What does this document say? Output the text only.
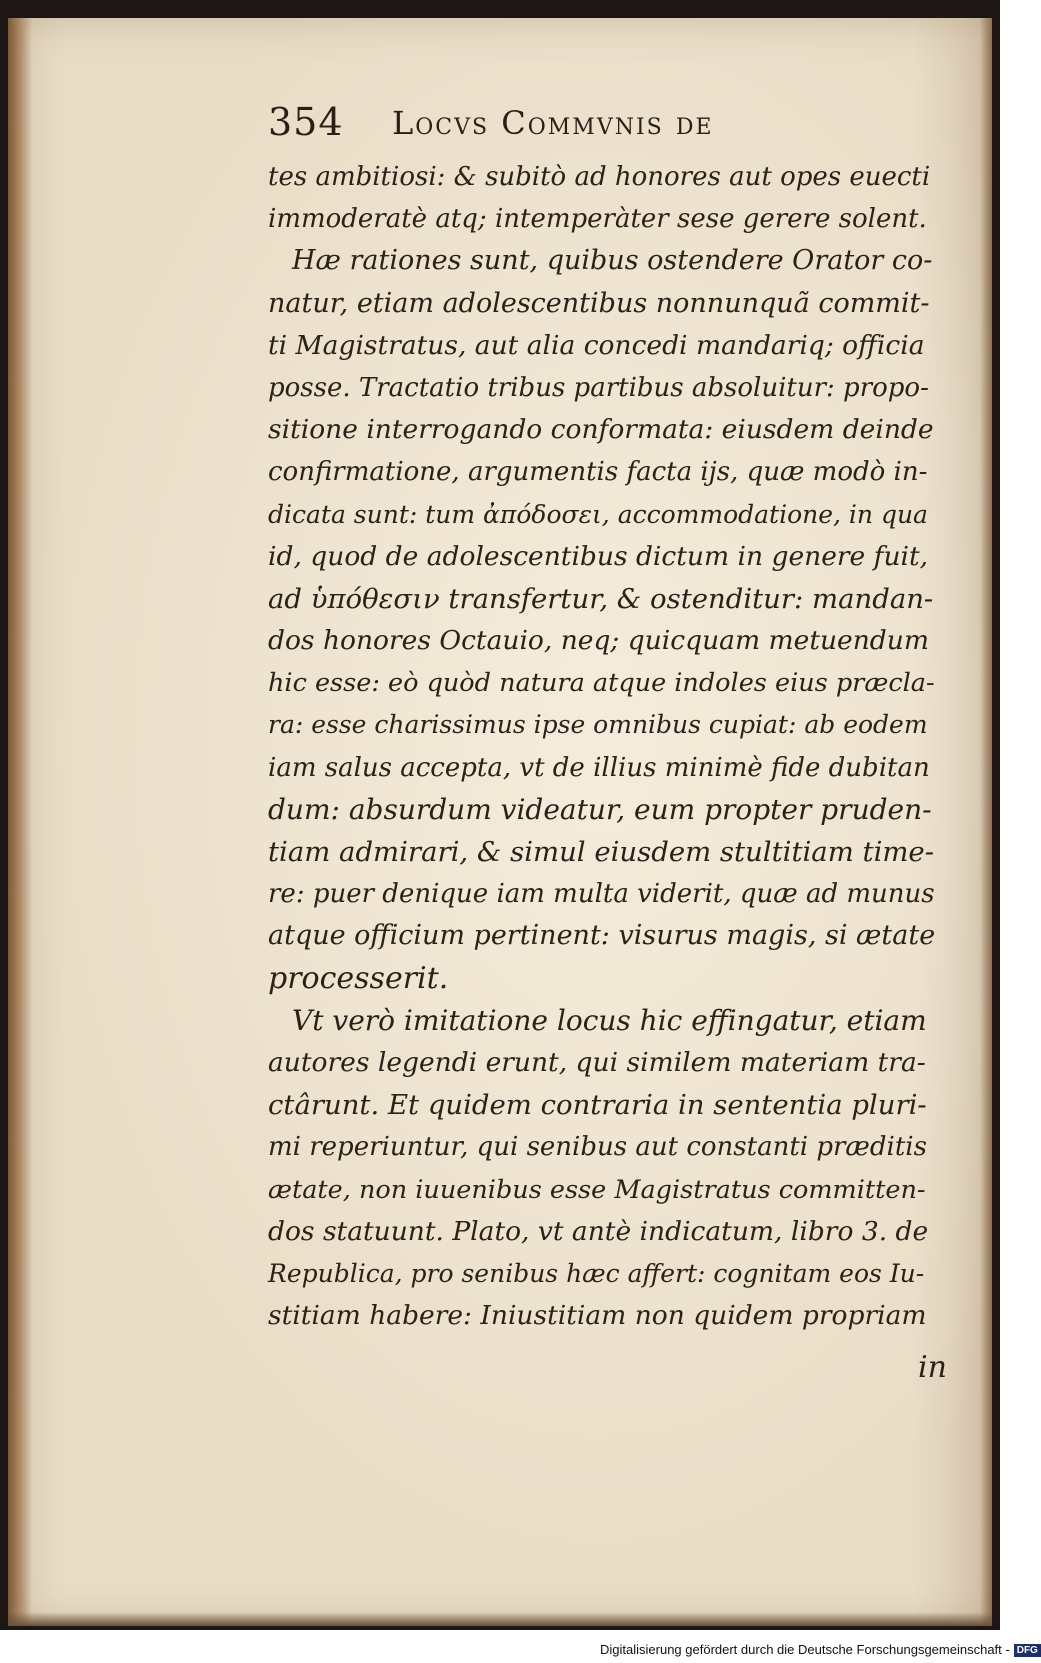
354 Locvs Commvnis de
tes ambitiosi: & subitò ad honores aut opes euecti
immoderatè atq; intemperàter sese gerere solent.
Hæ rationes sunt, quibus ostendere Orator co-
natur, etiam adolescentibus nonnunquã commit-
ti Magistratus, aut alia concedi mandariq; officia
posse. Tractatio tribus partibus absoluitur: propo-
sitione interrogando conformata: eiusdem deinde
confirmatione, argumentis facta ijs, quæ modò in-
dicata sunt: tum ἀπόδοσει, accommodatione, in qua
id, quod de adolescentibus dictum in genere fuit,
ad ὑπόθεσιν transfertur, & ostenditur: mandan-
dos honores Octauio, neq; quicquam metuendum
hic esse: eò quòd natura atque indoles eius præcla-
ra: esse charissimus ipse omnibus cupiat: ab eodem
iam salus accepta, vt de illius minimè fide dubitan
dum: absurdum videatur, eum propter pruden-
tiam admirari, & simul eiusdem stultitiam time-
re: puer denique iam multa viderit, quæ ad munus
atque officium pertinent: visurus magis, si ætate
processerit.
Vt verò imitatione locus hic effingatur, etiam
autores legendi erunt, qui similem materiam tra-
ctârunt. Et quidem contraria in sententia pluri-
mi reperiuntur, qui senibus aut constanti præditis
ætate, non iuuenibus esse Magistratus committen-
dos statuunt. Plato, vt antè indicatum, libro 3. de
Republica, pro senibus hæc affert: cognitam eos Iu-
stitiam habere: Iniustitiam non quidem propriam
in
Digitalisierung gefördert durch die Deutsche Forschungsgemeinschaft - DFG
